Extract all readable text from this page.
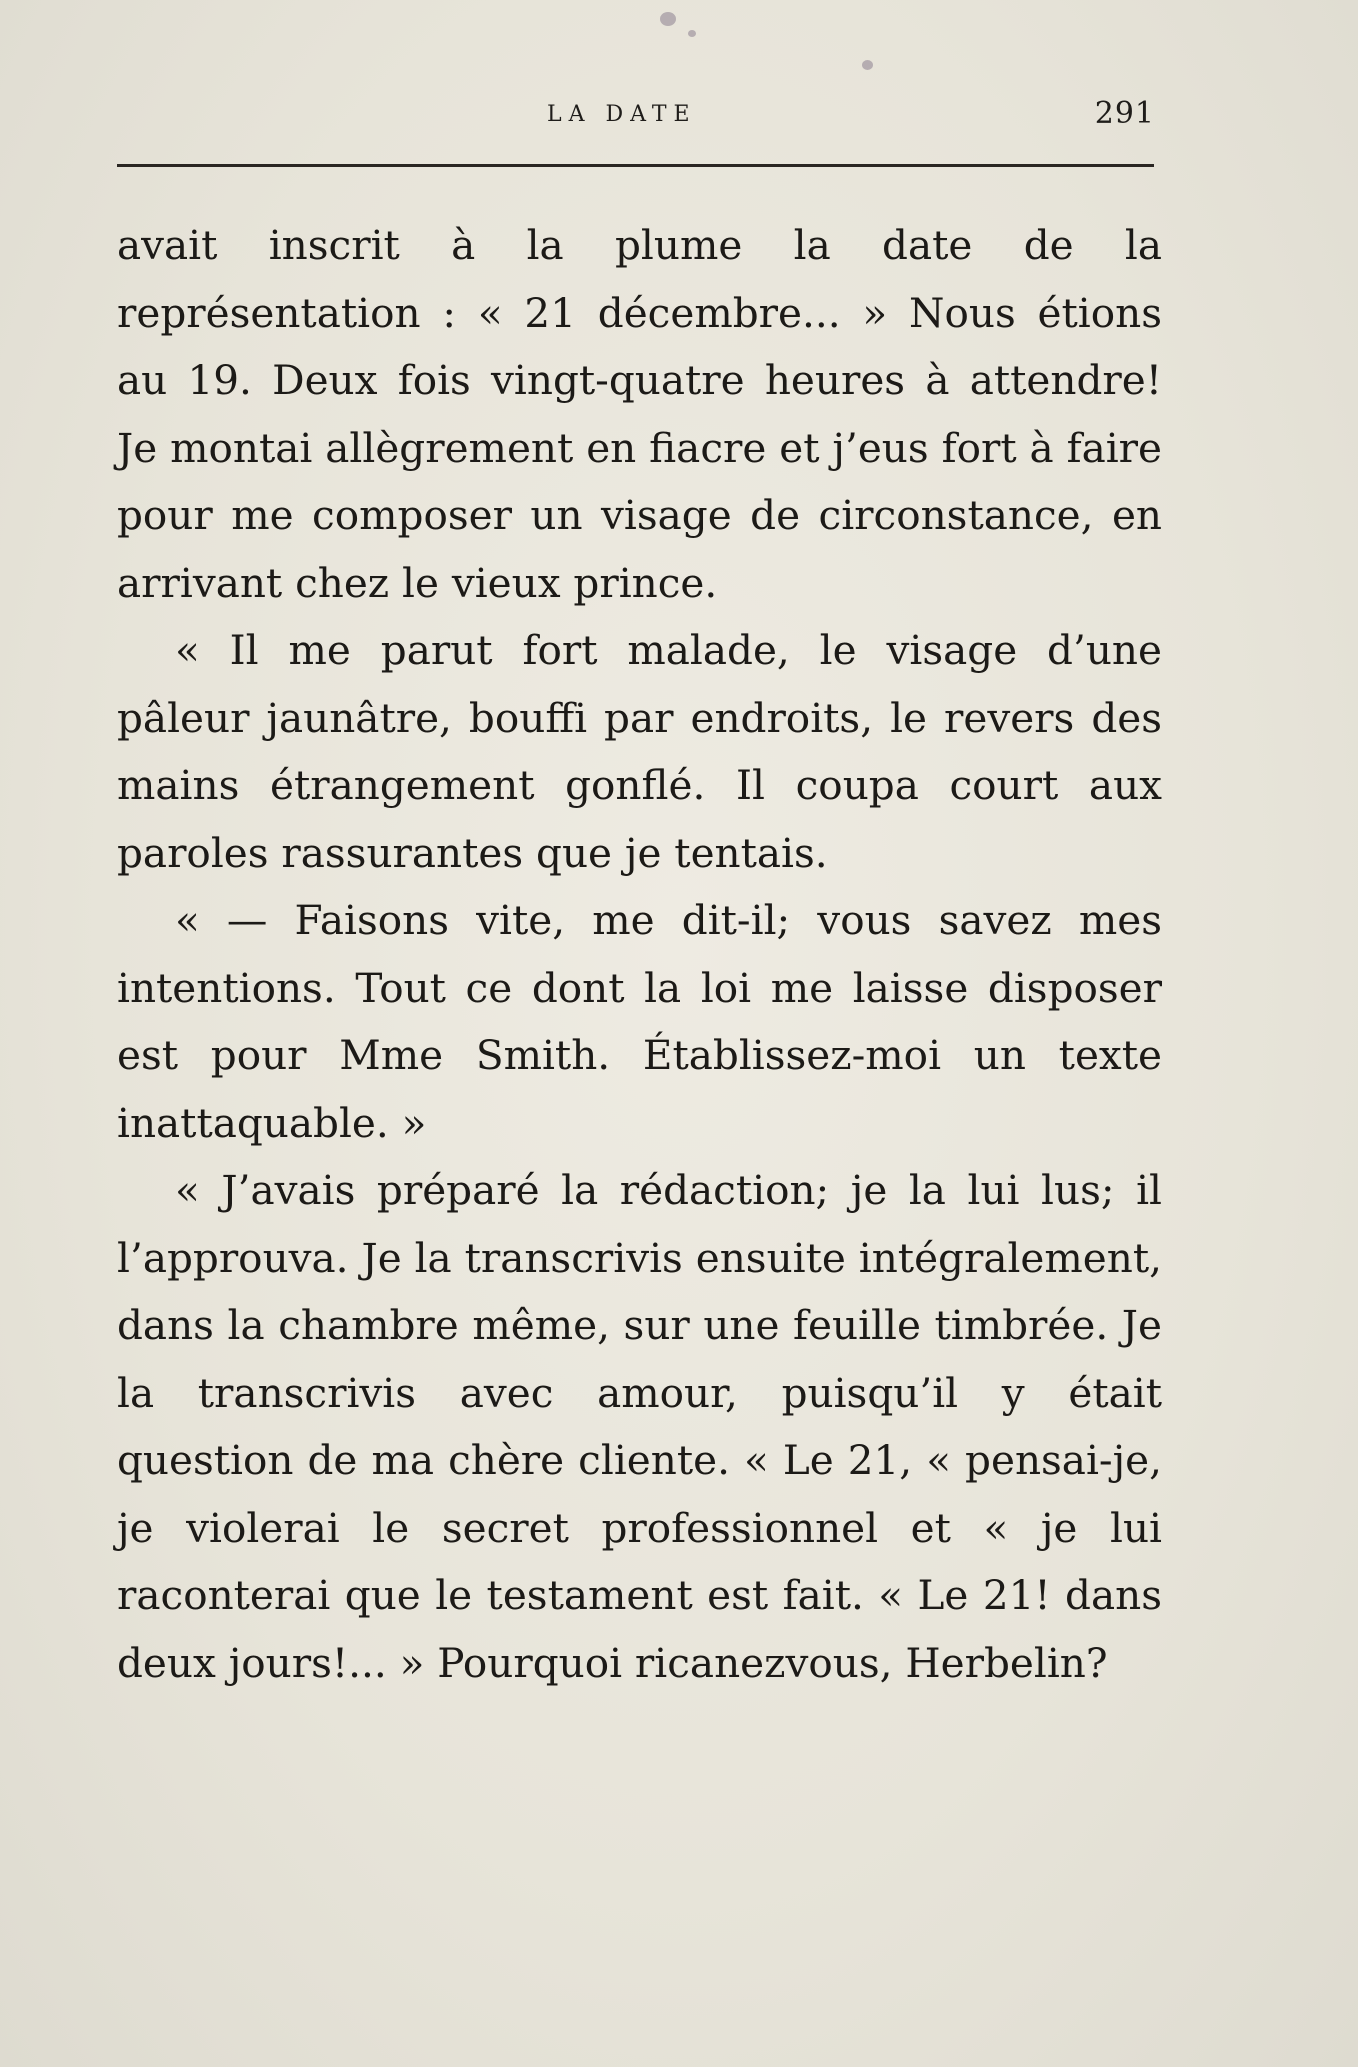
LA DATE	291

avait inscrit à la plume la date de la représentation : « 21 décembre... » Nous étions au 19. Deux fois vingt-quatre heures à attendre! Je montai allègrement en fiacre et j’eus fort à faire pour me composer un visage de circonstance, en arrivant chez le vieux prince.

« Il me parut fort malade, le visage d’une pâleur jaunâtre, bouffi par endroits, le revers des mains étrangement gonflé. Il coupa court aux paroles rassurantes que je tentais.

« — Faisons vite, me dit-il; vous savez mes intentions. Tout ce dont la loi me laisse disposer est pour Mme Smith. Établissez-moi un texte inattaquable. »

« J’avais préparé la rédaction; je la lui lus; il l’approuva. Je la transcrivis ensuite intégralement, dans la chambre même, sur une feuille timbrée. Je la transcrivis avec amour, puisqu’il y était question de ma chère cliente. « Le 21, « pensai-je, je violerai le secret professionnel et « je lui raconterai que le testament est fait. « Le 21! dans deux jours!... » Pourquoi ricanezvous, Herbelin?
